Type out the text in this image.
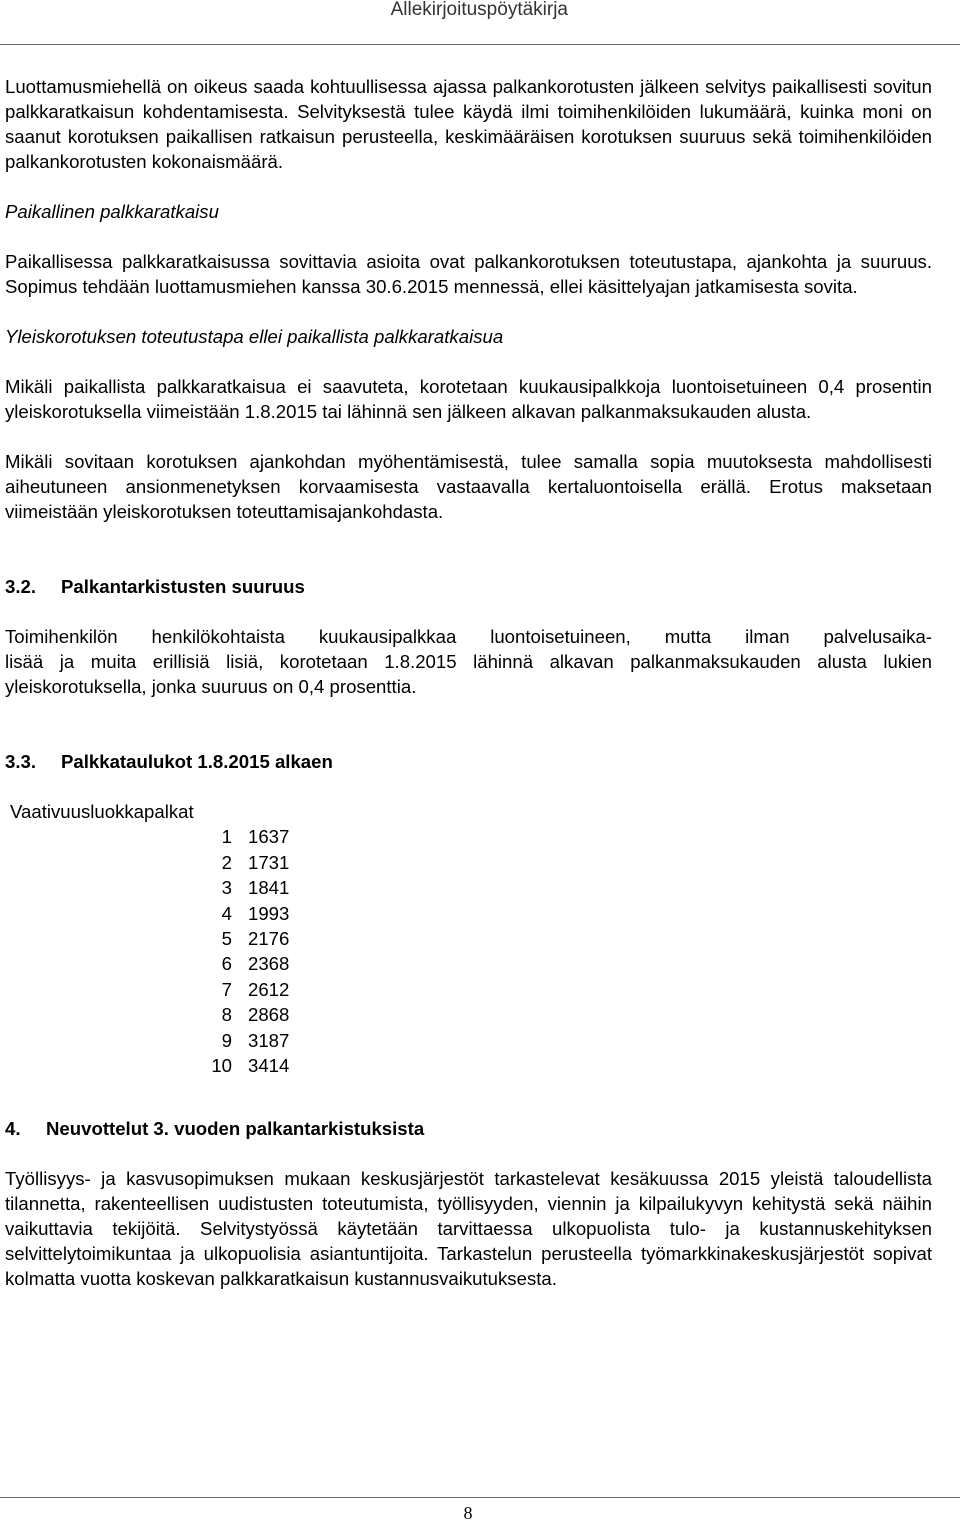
Allekirjoituspöytäkirja

Luottamusmiehellä on oikeus saada kohtuullisessa ajassa palkankorotusten jälkeen selvitys paikallisesti sovitun palkkaratkaisun kohdentamisesta. Selvityksestä tulee käydä ilmi toimihenkilöiden lukumäärä, kuinka moni on saanut korotuksen paikallisen ratkaisun perusteella, keskimääräisen korotuksen suuruus sekä toimihenkilöiden palkankorotusten kokonaismäärä.

Paikallinen palkkaratkaisu

Paikallisessa palkkaratkaisussa sovittavia asioita ovat palkankorotuksen toteutustapa, ajankohta ja suuruus. Sopimus tehdään luottamusmiehen kanssa 30.6.2015 mennessä, ellei käsittelyajan jatkamisesta sovita.

Yleiskorotuksen toteutustapa ellei paikallista palkkaratkaisua

Mikäli paikallista palkkaratkaisua ei saavuteta, korotetaan kuukausipalkkoja luontoisetuineen 0,4 prosentin yleiskorotuksella viimeistään 1.8.2015 tai lähinnä sen jälkeen alkavan palkanmaksukauden alusta.

Mikäli sovitaan korotuksen ajankohdan myöhentämisestä, tulee samalla sopia muutoksesta mahdollisesti aiheutuneen ansionmenetyksen korvaamisesta vastaavalla kertaluontoisella erällä. Erotus maksetaan viimeistään yleiskorotuksen toteuttamisajankohdasta.

3.2. Palkantarkistusten suuruus

Toimihenkilön henkilökohtaista kuukausipalkkaa luontoisetuineen, mutta ilman palvelusaika-

lisää ja muita erillisiä lisiä, korotetaan 1.8.2015 lähinnä alkavan palkanmaksukauden alusta lukien yleiskorotuksella, jonka suuruus on 0,4 prosenttia.

3.3. Palkkataulukot 1.8.2015 alkaen

Vaativuusluokkapalkat

1 1637
2 1731
3 1841
4 1993
5 2176
6 2368
7 2612
8 2868
9 3187
10 3414

4. Neuvottelut 3. vuoden palkantarkistuksista

Työllisyys- ja kasvusopimuksen mukaan keskusjärjestöt tarkastelevat kesäkuussa 2015 yleistä taloudellista tilannetta, rakenteellisen uudistusten toteutumista, työllisyyden, viennin ja kilpailukyvyn kehitystä sekä näihin vaikuttavia tekijöitä. Selvitystyössä käytetään tarvittaessa ulkopuolista tulo- ja kustannuskehityksen selvittelytoimikuntaa ja ulkopuolisia asiantuntijoita. Tarkastelun perusteella työmarkkinakeskusjärjestöt sopivat kolmatta vuotta koskevan palkkaratkaisun kustannusvaikutuksesta.

8
